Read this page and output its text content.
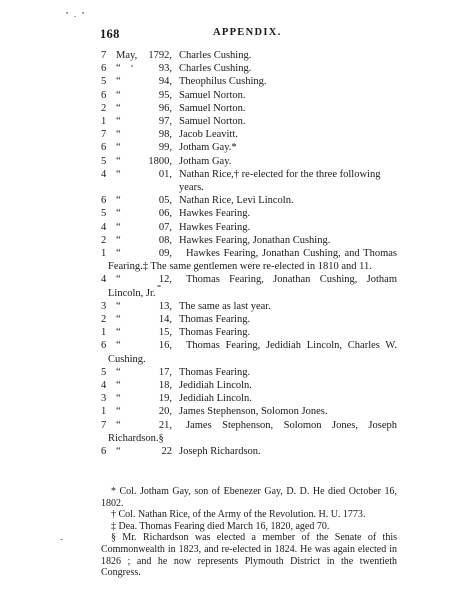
168	APPENDIX.
7 May,	1792, Charles Cushing.
6 “	93, Charles Cushing.
5 “	94, Theophilus Cushing.
6 “	95, Samuel Norton.
2 “	96, Samuel Norton.
1 “	97, Samuel Norton.
7 “	98, Jacob Leavitt.
6 “	99, Jotham Gay.*
5 “	1800, Jotham Gay.
4 “	01, Nathan Rice,† re-elected for the three following years.
6 “	05, Nathan Rice, Levi Lincoln.
5 “	06, Hawkes Fearing.
4 “	07, Hawkes Fearing.
2 “	08, Hawkes Fearing, Jonathan Cushing.
1 “	09,	Hawkes Fearing, Jonathan Cushing, and Thomas Fearing.‡ The same gentlemen were re-elected in 1810 and 11.
4 “	12,	Thomas Fearing, Jonathan Cushing, Jotham Lincoln, Jr.
3 “	13, The same as last year.
2 “	14, Thomas Fearing.
1 “	15, Thomas Fearing.
6 “	16,	Thomas Fearing, Jedidiah Lincoln, Charles W. Cushing.
5 “	17, Thomas Fearing.
4 “	18, Jedidiah Lincoln.
3 “	19, Jedidiah Lincoln.
1 “	20, James Stephenson, Solomon Jones.
7 “	21,	James Stephenson, Solomon Jones, Joseph Richardson.§
6 “	22 Joseph Richardson.
* Col. Jotham Gay, son of Ebenezer Gay, D. D. He died October 16, 1802.
† Col. Nathan Rice, of the Army of the Revolution. H. U. 1773.
‡ Dea. Thomas Fearing died March 16, 1820, aged 70.
§ Mr. Richardson was elected a member of the Senate of this Commonwealth in 1823, and re-elected in 1824. He was again elected in 1826 ; and he now represents Plymouth District in the twentieth Congress.
